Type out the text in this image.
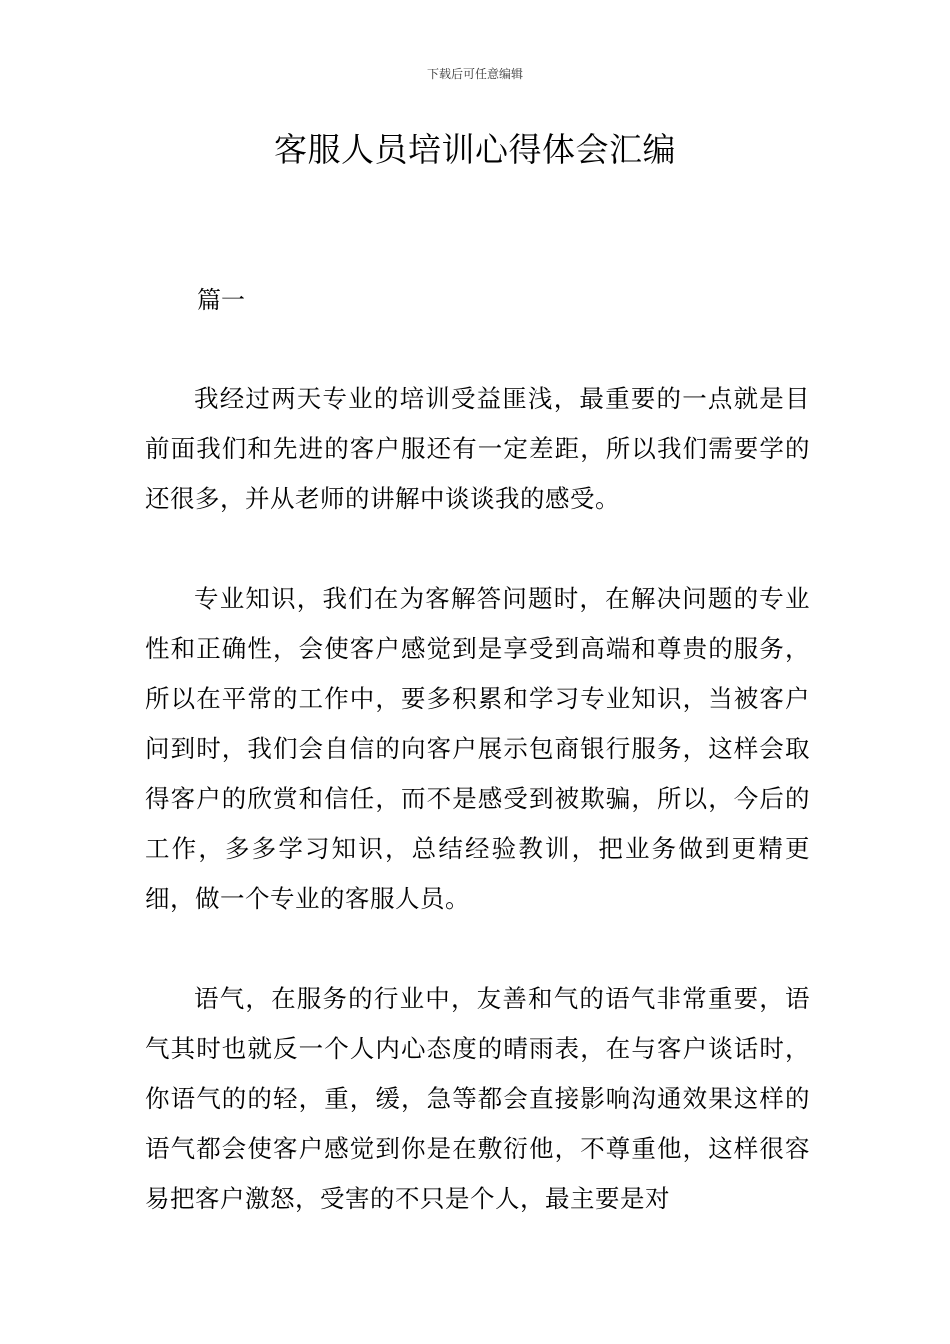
下载后可任意编辑
客服人员培训心得体会汇编
篇一

我经过两天专业的培训受益匪浅，最重要的一点就是目前面我们和先进的客户服还有一定差距，所以我们需要学的还很多，并从老师的讲解中谈谈我的感受。

专业知识，我们在为客解答问题时，在解决问题的专业性和正确性，会使客户感觉到是享受到高端和尊贵的服务，所以在平常的工作中，要多积累和学习专业知识，当被客户问到时，我们会自信的向客户展示包商银行服务，这样会取得客户的欣赏和信任，而不是感受到被欺骗，所以，今后的工作，多多学习知识，总结经验教训，把业务做到更精更细，做一个专业的客服人员。

语气，在服务的行业中，友善和气的语气非常重要，语气其时也就反一个人内心态度的晴雨表，在与客户谈话时，你语气的的轻，重，缓，急等都会直接影响沟通效果这样的语气都会使客户感觉到你是在敷衍他，不尊重他，这样很容易把客户激怒，受害的不只是个人，最主要是对
